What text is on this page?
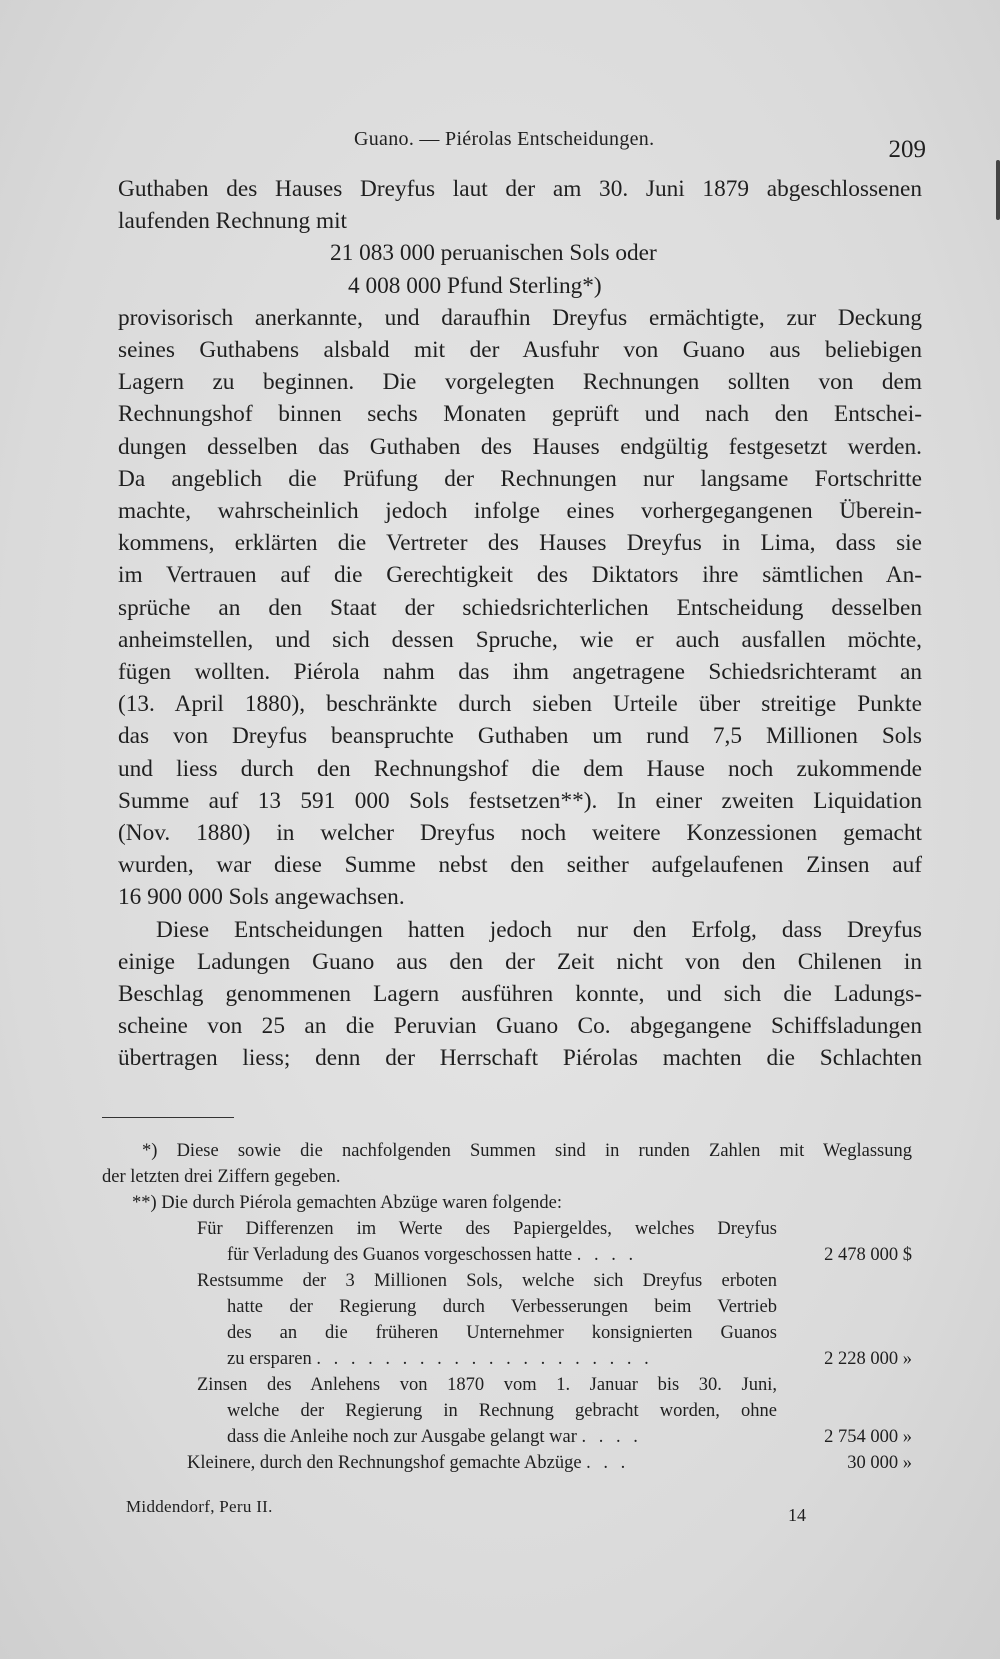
Guano. — Piérolas Entscheidungen.	209
Guthaben des Hauses Dreyfus laut der am 30. Juni 1879 abgeschlossenen
laufenden Rechnung mit
21 083 000 peruanischen Sols oder
4 008 000 Pfund Sterling*)
provisorisch anerkannte, und daraufhin Dreyfus ermächtigte, zur Deckung
seines Guthabens alsbald mit der Ausfuhr von Guano aus beliebigen
Lagern zu beginnen. Die vorgelegten Rechnungen sollten von dem
Rechnungshof binnen sechs Monaten geprüft und nach den Entschei-
dungen desselben das Guthaben des Hauses endgültig festgesetzt werden.
Da angeblich die Prüfung der Rechnungen nur langsame Fortschritte
machte, wahrscheinlich jedoch infolge eines vorhergegangenen Überein-
kommens, erklärten die Vertreter des Hauses Dreyfus in Lima, dass sie
im Vertrauen auf die Gerechtigkeit des Diktators ihre sämtlichen An-
sprüche an den Staat der schiedsrichterlichen Entscheidung desselben
anheimstellen, und sich dessen Spruche, wie er auch ausfallen möchte,
fügen wollten. Piérola nahm das ihm angetragene Schiedsrichteramt an
(13. April 1880), beschränkte durch sieben Urteile über streitige Punkte
das von Dreyfus beanspruchte Guthaben um rund 7,5 Millionen Sols
und liess durch den Rechnungshof die dem Hause noch zukommende
Summe auf 13 591 000 Sols festsetzen**). In einer zweiten Liquidation
(Nov. 1880) in welcher Dreyfus noch weitere Konzessionen gemacht
wurden, war diese Summe nebst den seither aufgelaufenen Zinsen auf
16 900 000 Sols angewachsen.
Diese Entscheidungen hatten jedoch nur den Erfolg, dass Dreyfus
einige Ladungen Guano aus den der Zeit nicht von den Chilenen in
Beschlag genommenen Lagern ausführen konnte, und sich die Ladungs-
scheine von 25 an die Peruvian Guano Co. abgegangene Schiffsladungen
übertragen liess; denn der Herrschaft Piérolas machten die Schlachten
*) Diese sowie die nachfolgenden Summen sind in runden Zahlen mit Weglassung
der letzten drei Ziffern gegeben.
**) Die durch Piérola gemachten Abzüge waren folgende:
Für Differenzen im Werte des Papiergeldes, welches Dreyfus
für Verladung des Guanos vorgeschossen hatte . . . .	2 478 000 $
Restsumme der 3 Millionen Sols, welche sich Dreyfus erboten
hatte der Regierung durch Verbesserungen beim Vertrieb
des an die früheren Unternehmer konsignierten Guanos
zu ersparen . . . . . . . . . . . . . . . . . . . .	2 228 000 »
Zinsen des Anlehens von 1870 vom 1. Januar bis 30. Juni,
welche der Regierung in Rechnung gebracht worden, ohne
dass die Anleihe noch zur Ausgabe gelangt war . . . .	2 754 000 »
Kleinere, durch den Rechnungshof gemachte Abzüge . . .	30 000 »
Middendorf, Peru II.	14
